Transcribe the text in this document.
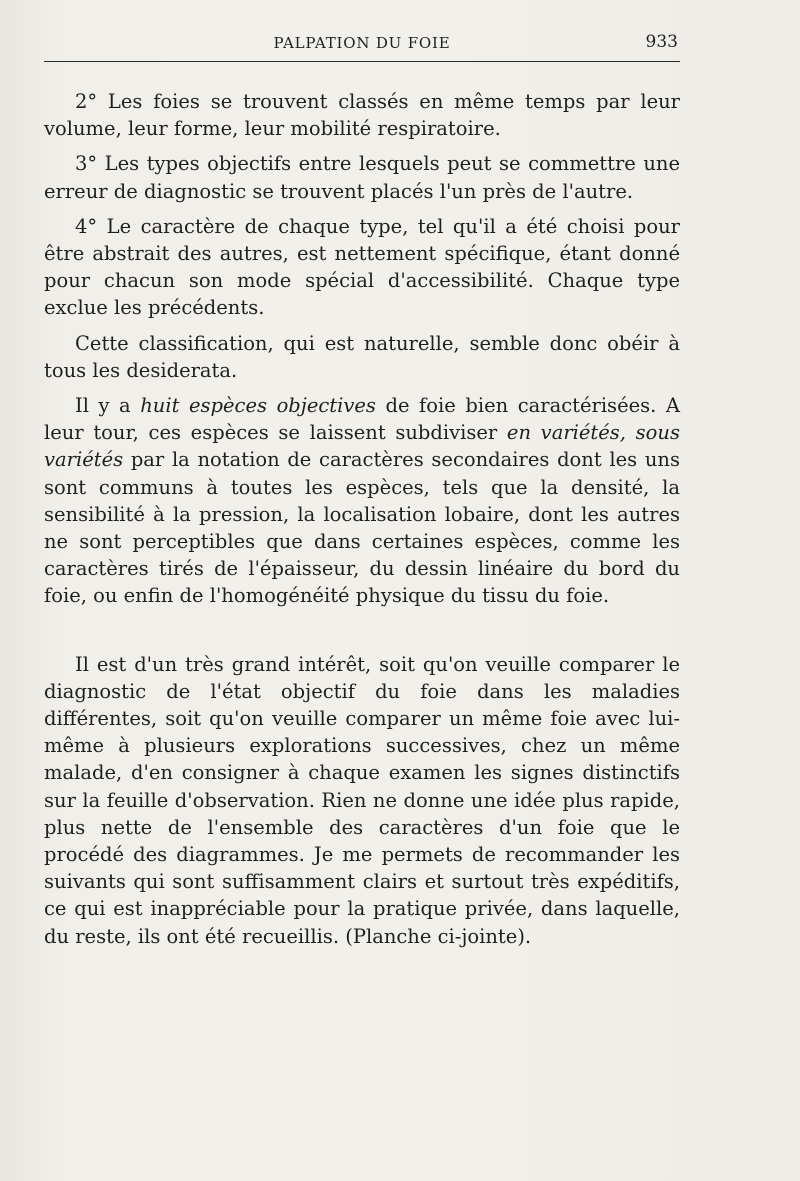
PALPATION DU FOIE	933

2° Les foies se trouvent classés en même temps par leur volume, leur forme, leur mobilité respiratoire.

3° Les types objectifs entre lesquels peut se commettre une erreur de diagnostic se trouvent placés l'un près de l'autre.

4° Le caractère de chaque type, tel qu'il a été choisi pour être abstrait des autres, est nettement spécifique, étant donné pour chacun son mode spécial d'accessibilité. Chaque type exclue les précédents.

Cette classification, qui est naturelle, semble donc obéir à tous les desiderata.

Il y a huit espèces objectives de foie bien caractérisées. A leur tour, ces espèces se laissent subdiviser en variétés, sous variétés par la notation de caractères secondaires dont les uns sont communs à toutes les espèces, tels que la densité, la sensibilité à la pression, la localisation lobaire, dont les autres ne sont perceptibles que dans certaines espèces, comme les caractères tirés de l'épaisseur, du dessin linéaire du bord du foie, ou enfin de l'homogénéité physique du tissu du foie.

Il est d'un très grand intérêt, soit qu'on veuille comparer le diagnostic de l'état objectif du foie dans les maladies différentes, soit qu'on veuille comparer un même foie avec lui-même à plusieurs explorations successives, chez un même malade, d'en consigner à chaque examen les signes distinctifs sur la feuille d'observation. Rien ne donne une idée plus rapide, plus nette de l'ensemble des caractères d'un foie que le procédé des diagrammes. Je me permets de recommander les suivants qui sont suffisamment clairs et surtout très expéditifs, ce qui est inappréciable pour la pratique privée, dans laquelle, du reste, ils ont été recueillis. (Planche ci-jointe).
